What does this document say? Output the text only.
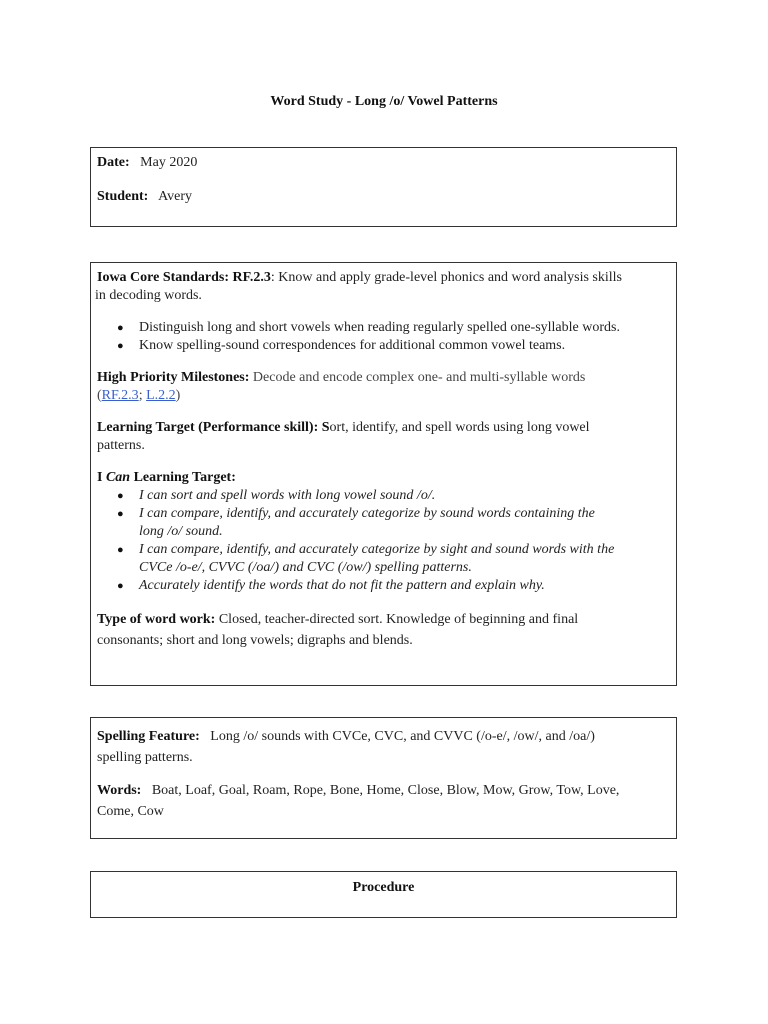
Word Study - Long /o/ Vowel Patterns

Date: May 2020

Student: Avery

Iowa Core Standards: RF.2.3: Know and apply grade-level phonics and word analysis skills

in decoding words.

● Distinguish long and short vowels when reading regularly spelled one-syllable words.
● Know spelling-sound correspondences for additional common vowel teams.

High Priority Milestones: Decode and encode complex one- and multi-syllable words

(RF.2.3; L.2.2)

Learning Target (Performance skill): Sort, identify, and spell words using long vowel

patterns.

I Can Learning Target:

● I can sort and spell words with long vowel sound /o/.
● I can compare, identify, and accurately categorize by sound words containing the
long /o/ sound.
● I can compare, identify, and accurately categorize by sight and sound words with the
CVCe /o-e/, CVVC (/oa/) and CVC (/ow/) spelling patterns.
● Accurately identify the words that do not fit the pattern and explain why.

Type of word work: Closed, teacher-directed sort. Knowledge of beginning and final

consonants; short and long vowels; digraphs and blends.

Spelling Feature: Long /o/ sounds with CVCe, CVC, and CVVC (/o-e/, /ow/, and /oa/)

spelling patterns.

Words: Boat, Loaf, Goal, Roam, Rope, Bone, Home, Close, Blow, Mow, Grow, Tow, Love,

Come, Cow

Procedure
